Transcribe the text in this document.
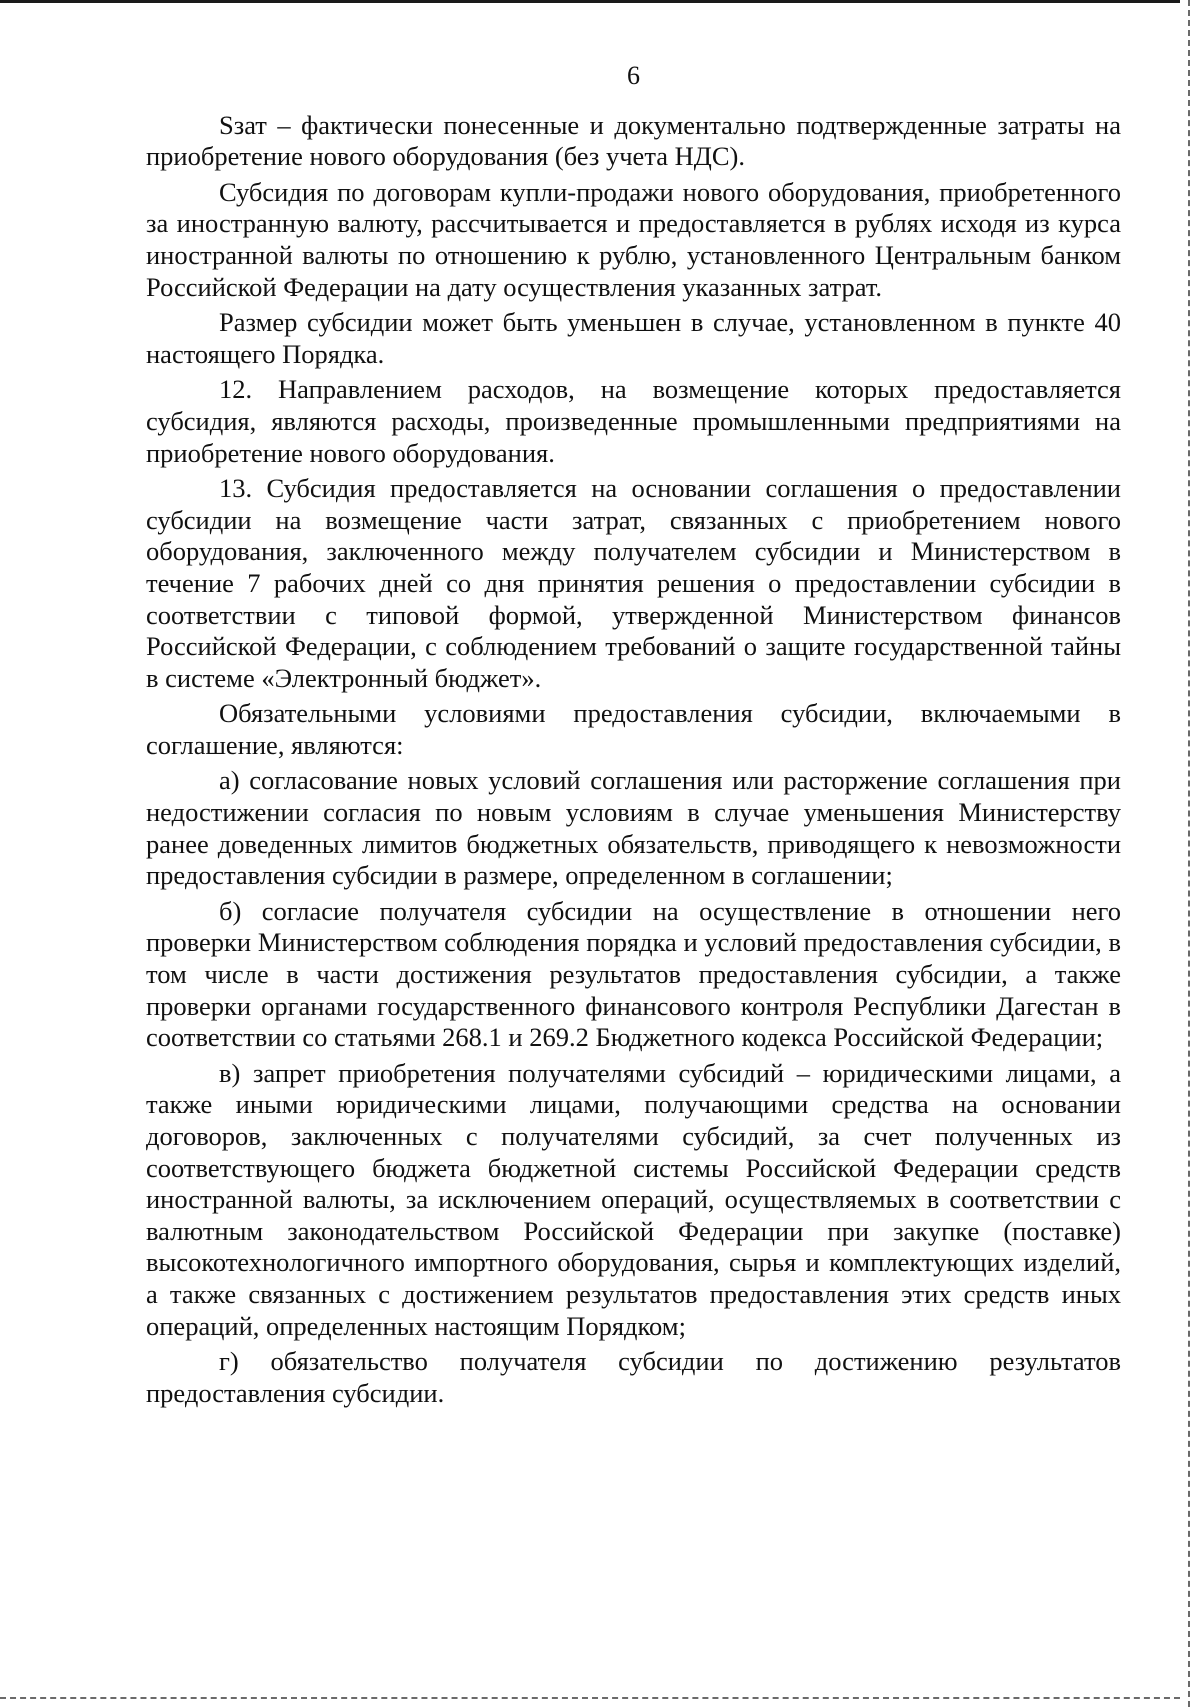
6

Sзат – фактически понесенные и документально подтвержденные затраты на приобретение нового оборудования (без учета НДС).

Субсидия по договорам купли-продажи нового оборудования, приобретенного за иностранную валюту, рассчитывается и предоставляется в рублях исходя из курса иностранной валюты по отношению к рублю, установленного Центральным банком Российской Федерации на дату осуществления указанных затрат.

Размер субсидии может быть уменьшен в случае, установленном в пункте 40 настоящего Порядка.

12. Направлением расходов, на возмещение которых предоставляется субсидия, являются расходы, произведенные промышленными предприятиями на приобретение нового оборудования.

13. Субсидия предоставляется на основании соглашения о предоставлении субсидии на возмещение части затрат, связанных с приобретением нового оборудования, заключенного между получателем субсидии и Министерством в течение 7 рабочих дней со дня принятия решения о предоставлении субсидии в соответствии с типовой формой, утвержденной Министерством финансов Российской Федерации, с соблюдением требований о защите государственной тайны в системе «Электронный бюджет».

Обязательными условиями предоставления субсидии, включаемыми в соглашение, являются:

а) согласование новых условий соглашения или расторжение соглашения при недостижении согласия по новым условиям в случае уменьшения Министерству ранее доведенных лимитов бюджетных обязательств, приводящего к невозможности предоставления субсидии в размере, определенном в соглашении;

б) согласие получателя субсидии на осуществление в отношении него проверки Министерством соблюдения порядка и условий предоставления субсидии, в том числе в части достижения результатов предоставления субсидии, а также проверки органами государственного финансового контроля Республики Дагестан в соответствии со статьями 268.1 и 269.2 Бюджетного кодекса Российской Федерации;

в) запрет приобретения получателями субсидий – юридическими лицами, а также иными юридическими лицами, получающими средства на основании договоров, заключенных с получателями субсидий, за счет полученных из соответствующего бюджета бюджетной системы Российской Федерации средств иностранной валюты, за исключением операций, осуществляемых в соответствии с валютным законодательством Российской Федерации при закупке (поставке) высокотехнологичного импортного оборудования, сырья и комплектующих изделий, а также связанных с достижением результатов предоставления этих средств иных операций, определенных настоящим Порядком;

г) обязательство получателя субсидии по достижению результатов предоставления субсидии.
